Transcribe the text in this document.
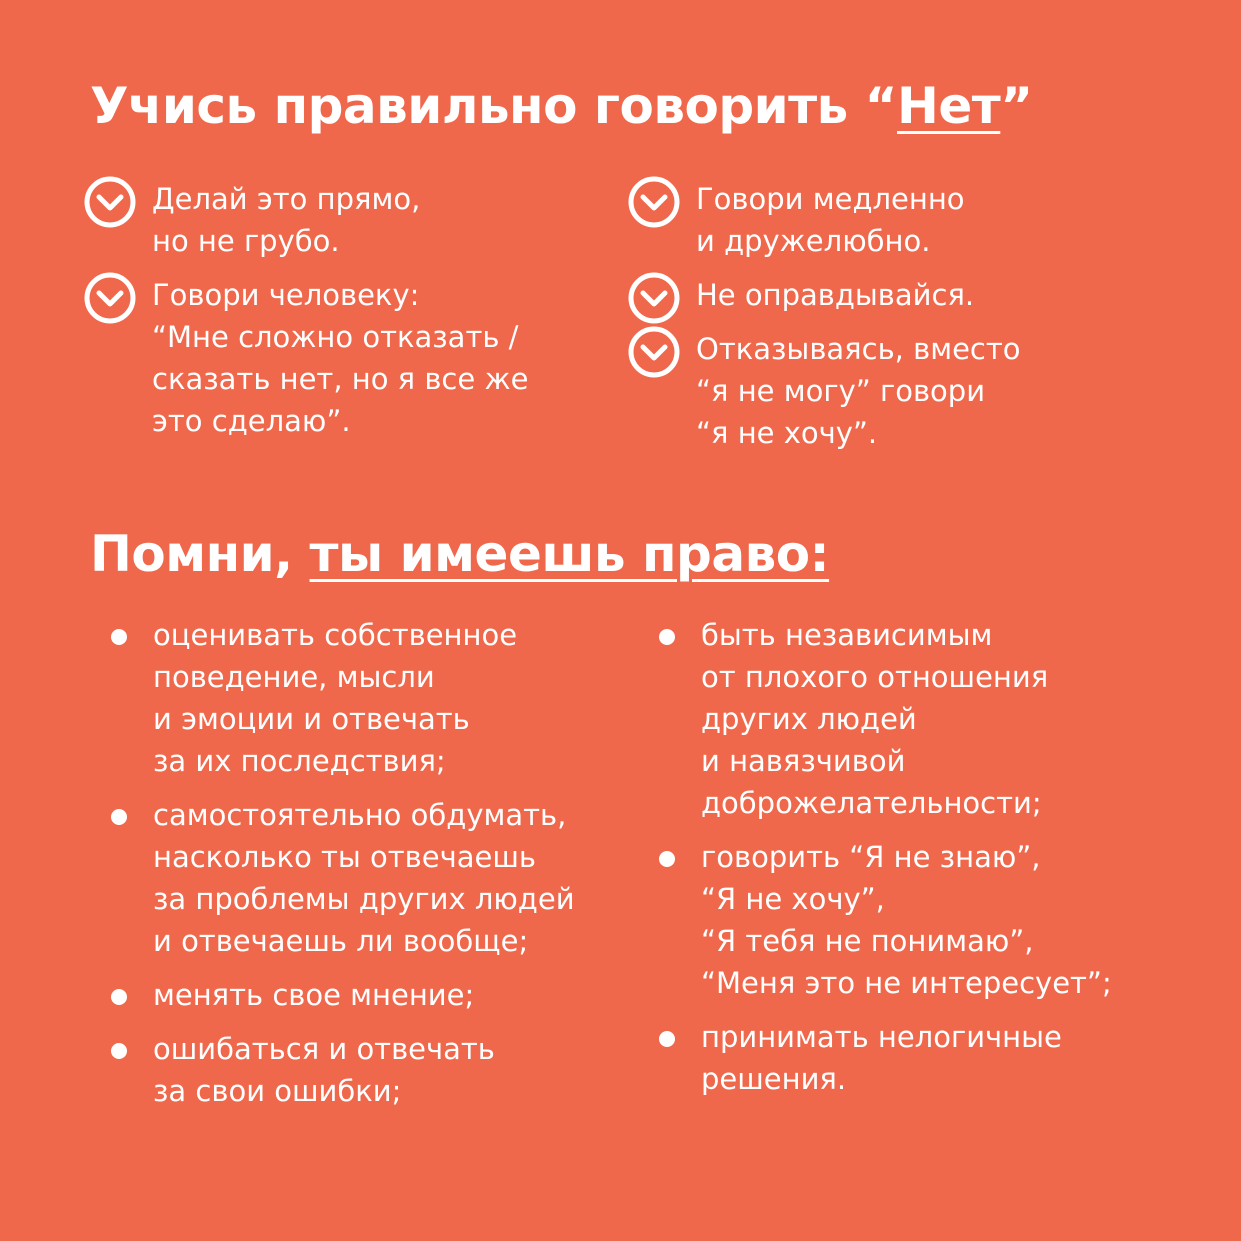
Учись правильно говорить “Нет”
Делай это прямо,
но не грубо.
Говори человеку:
“Мне сложно отказать /
сказать нет, но я все же
это сделаю”.
Говори медленно
и дружелюбно.
Не оправдывайся.
Отказываясь, вместо
“я не могу” говори
“я не хочу”.
Помни, ты имеешь право:
оценивать собственное
поведение, мысли
и эмоции и отвечать
за их последствия;
самостоятельно обдумать,
насколько ты отвечаешь
за проблемы других людей
и отвечаешь ли вообще;
менять свое мнение;
ошибаться и отвечать
за свои ошибки;
быть независимым
от плохого отношения
других людей
и навязчивой
доброжелательности;
говорить “Я не знаю”,
“Я не хочу”,
“Я тебя не понимаю”,
“Меня это не интересует”;
принимать нелогичные
решения.
